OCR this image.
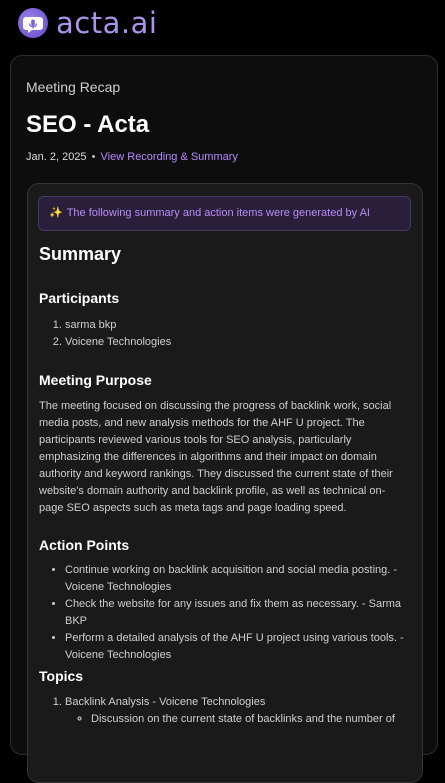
acta.ai
Meeting Recap
SEO - Acta
Jan. 2, 2025 • View Recording & Summary
✨ The following summary and action items were generated by AI
Summary
Participants
1. sarma bkp
2. Voicene Technologies
Meeting Purpose

The meeting focused on discussing the progress of backlink work, social media posts, and new analysis methods for the AHF U project. The participants reviewed various tools for SEO analysis, particularly emphasizing the differences in algorithms and their impact on domain authority and keyword rankings. They discussed the current state of their website's domain authority and backlink profile, as well as technical on-page SEO aspects such as meta tags and page loading speed.

Action Points
• Continue working on backlink acquisition and social media posting. - Voicene Technologies
• Check the website for any issues and fix them as necessary. - Sarma BKP
• Perform a detailed analysis of the AHF U project using various tools. - Voicene Technologies
Topics
1. Backlink Analysis - Voicene Technologies
◦ Discussion on the current state of backlinks and the number of
